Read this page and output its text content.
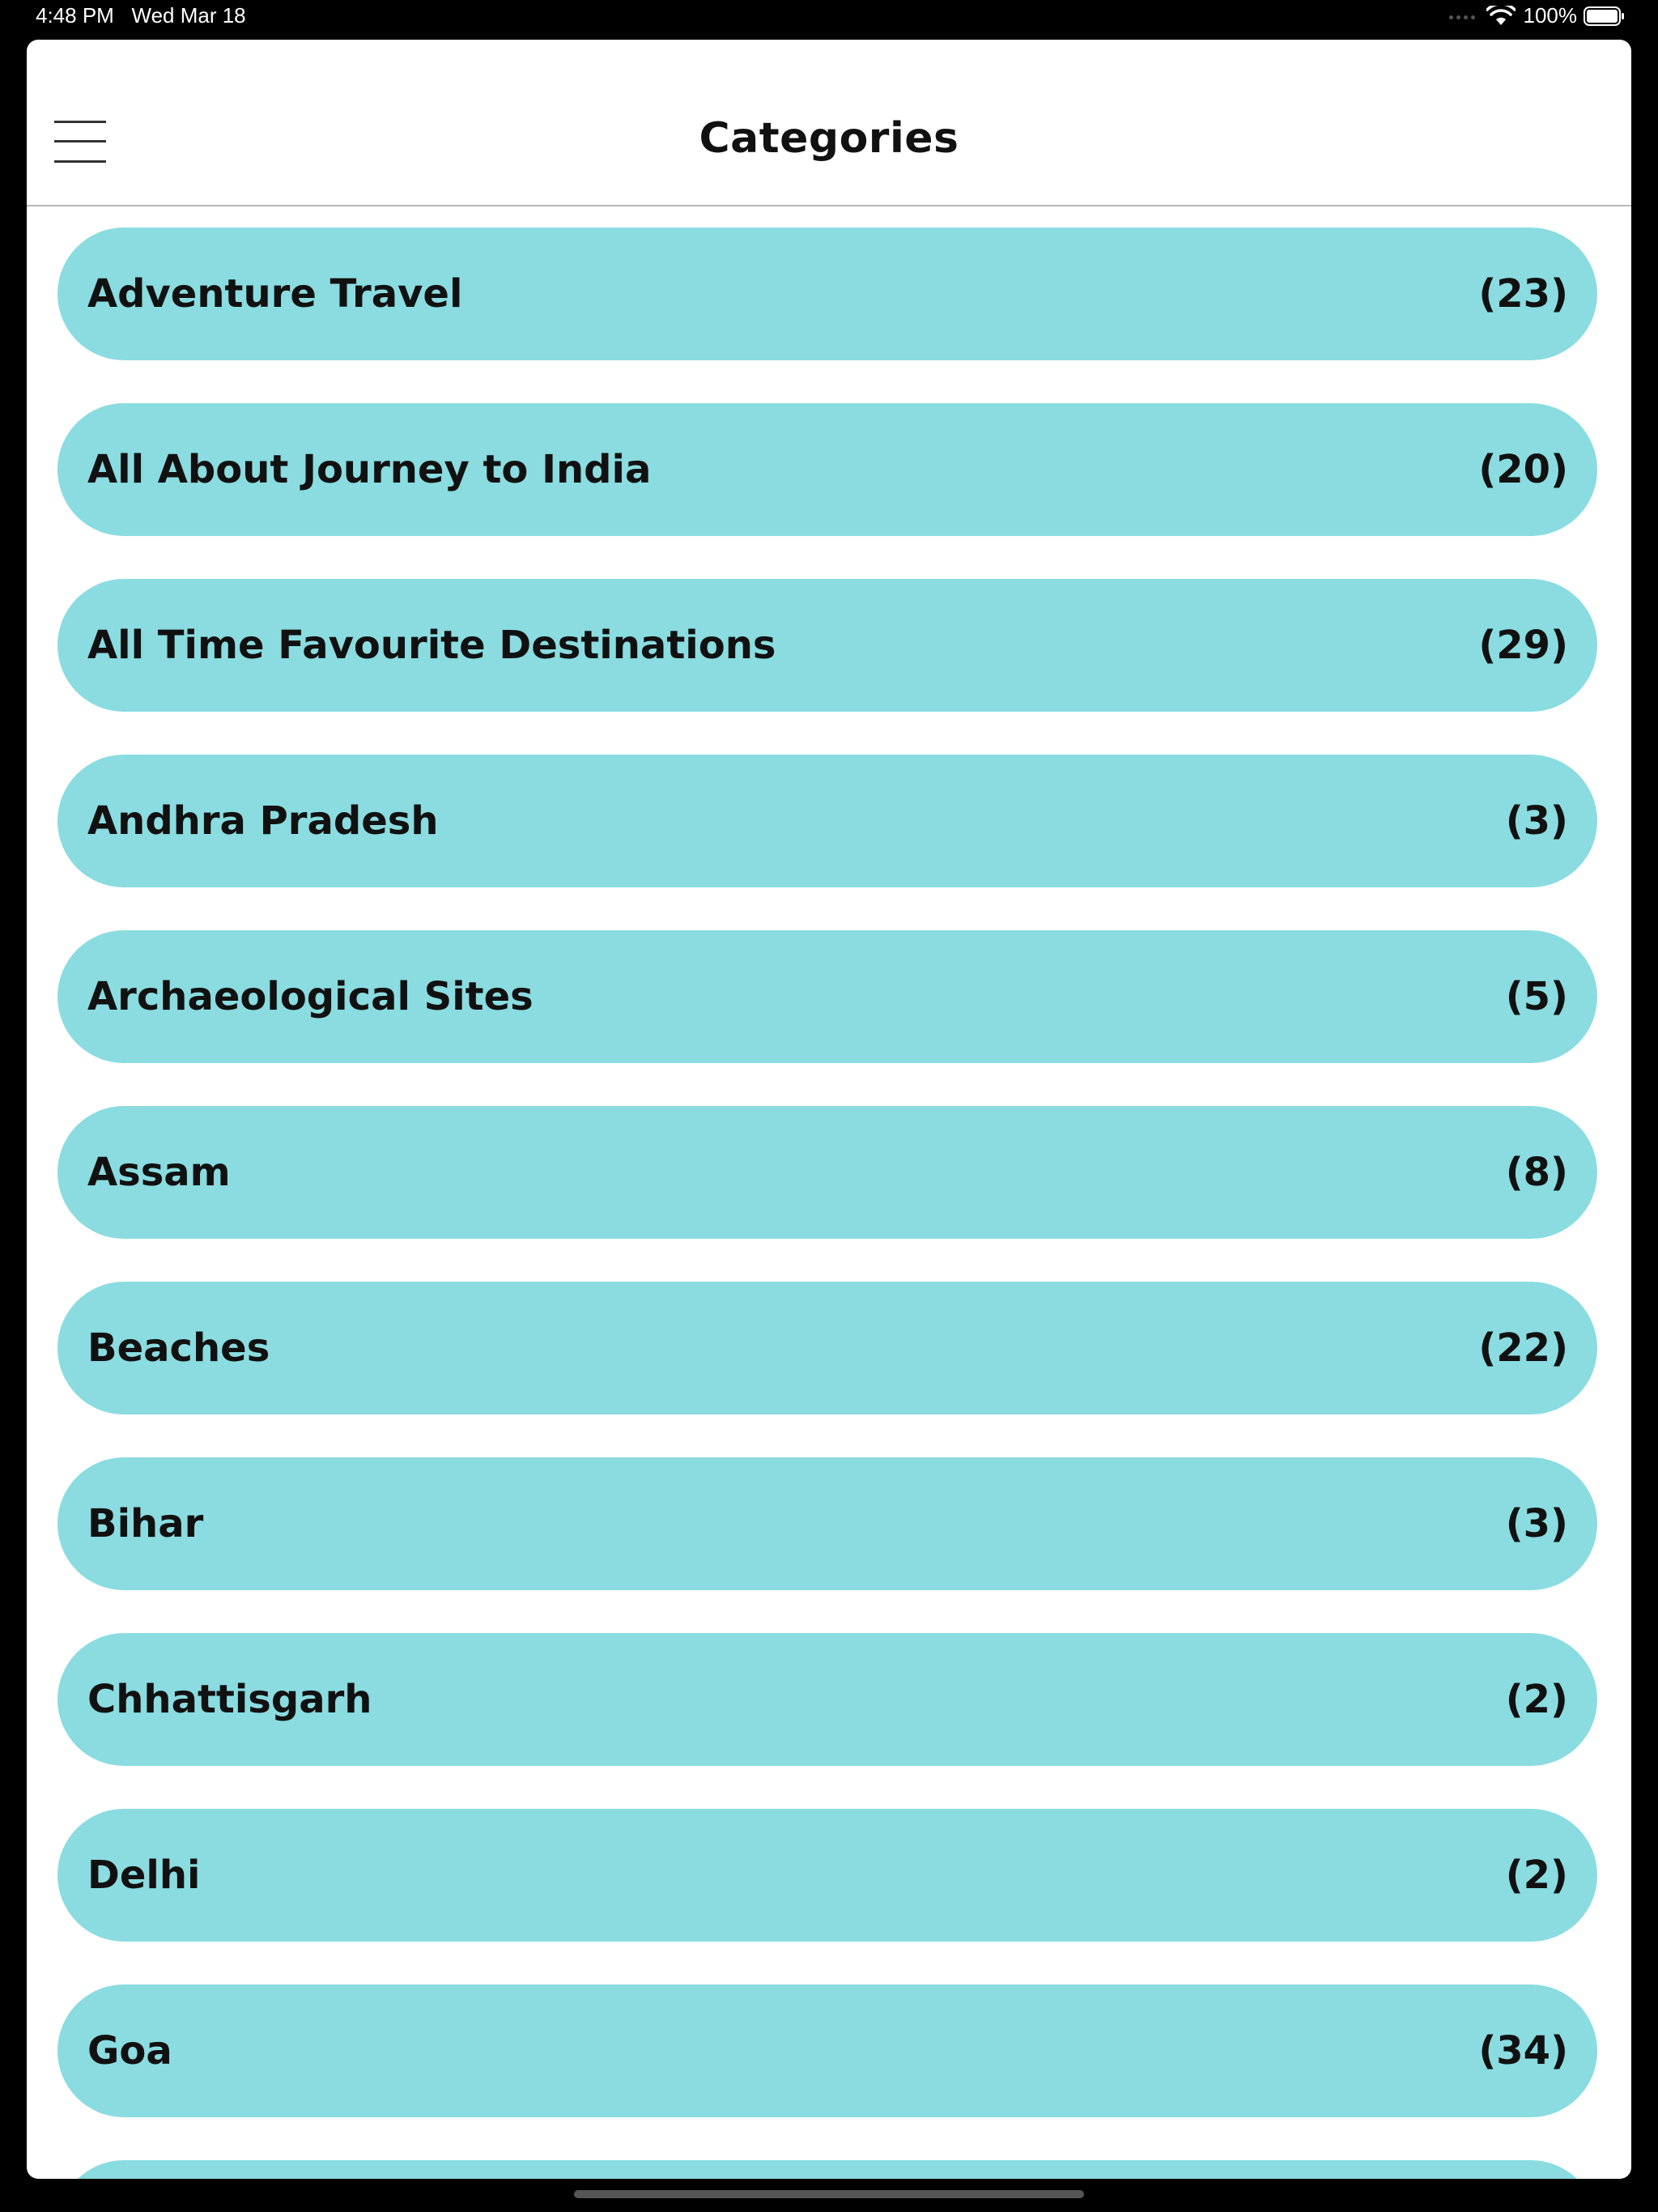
4:48 PM Wed Mar 18	100%
Categories
Adventure Travel	(23)
All About Journey to India	(20)
All Time Favourite Destinations	(29)
Andhra Pradesh	(3)
Archaeological Sites	(5)
Assam	(8)
Beaches	(22)
Bihar	(3)
Chhattisgarh	(2)
Delhi	(2)
Goa	(34)
